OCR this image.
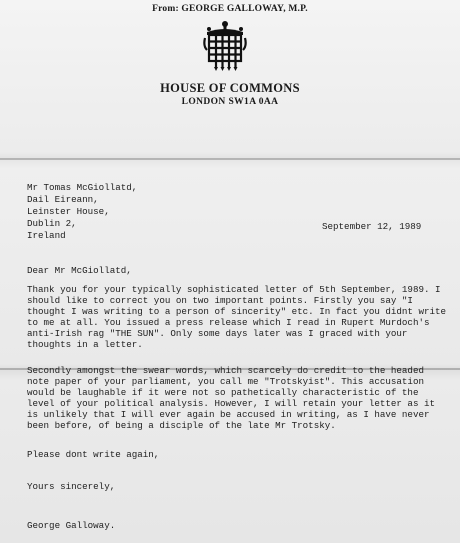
From: GEORGE GALLOWAY, M.P.
HOUSE OF COMMONS
LONDON SW1A 0AA
Mr Tomas McGiollatd,
Dail Eireann,
Leinster House,
Dublin 2,
Ireland
September 12, 1989
Dear Mr McGiollatd,

Thank you for your typically sophisticated letter of 5th September, 1989. I should like to correct you on two important points. Firstly you say "I thought I was writing to a person of sincerity" etc. In fact you didnt write to me at all. You issued a press release which I read in Rupert Murdoch's anti-Irish rag "THE SUN". Only some days later was I graced with your thoughts in a letter.

Secondly amongst the swear words, which scarcely do credit to the headed note paper of your parliament, you call me "Trotskyist". This accusation would be laughable if it were not so pathetically characteristic of the level of your political analysis. However, I will retain your letter as it is unlikely that I will ever again be accused in writing, as I have never been before, of being a disciple of the late Mr Trotsky.

Please dont write again,
Yours sincerely,
George Galloway.
